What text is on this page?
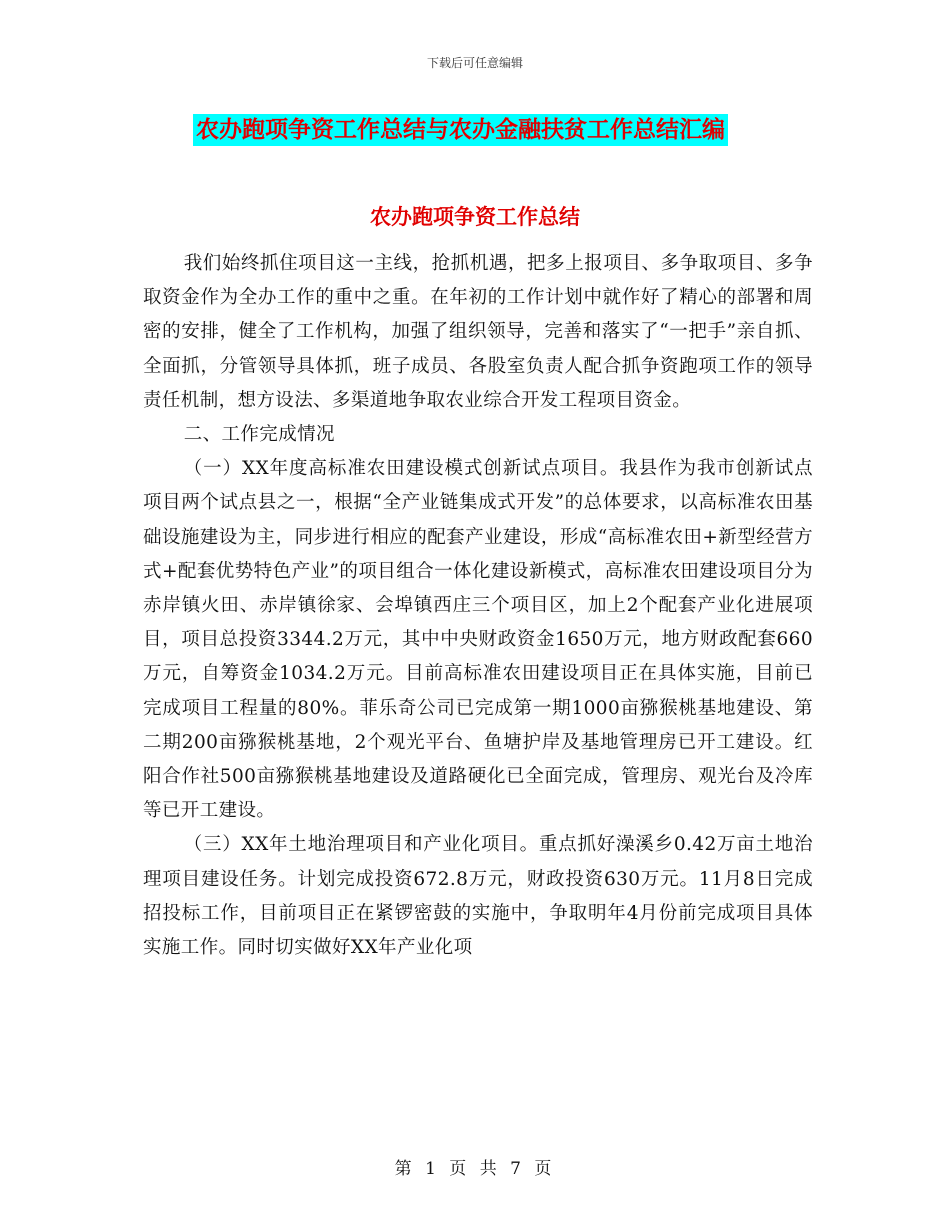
下载后可任意编辑
农办跑项争资工作总结与农办金融扶贫工作总结汇编
农办跑项争资工作总结

我们始终抓住项目这一主线，抢抓机遇，把多上报项目、多争取项目、多争取资金作为全办工作的重中之重。在年初的工作计划中就作好了精心的部署和周密的安排，健全了工作机构，加强了组织领导，完善和落实了“一把手”亲自抓、全面抓，分管领导具体抓，班子成员、各股室负责人配合抓争资跑项工作的领导责任机制，想方设法、多渠道地争取农业综合开发工程项目资金。

二、工作完成情况

（一）XX年度高标准农田建设模式创新试点项目。我县作为我市创新试点项目两个试点县之一，根据“全产业链集成式开发”的总体要求，以高标准农田基础设施建设为主，同步进行相应的配套产业建设，形成“高标准农田+新型经营方式+配套优势特色产业”的项目组合一体化建设新模式，高标准农田建设项目分为赤岸镇火田、赤岸镇徐家、会埠镇西庄三个项目区，加上2个配套产业化进展项目，项目总投资3344.2万元，其中中央财政资金1650万元，地方财政配套660万元，自筹资金1034.2万元。目前高标准农田建设项目正在具体实施，目前已完成项目工程量的80%。菲乐奇公司已完成第一期1000亩猕猴桃基地建设、第二期200亩猕猴桃基地，2个观光平台、鱼塘护岸及基地管理房已开工建设。红阳合作社500亩猕猴桃基地建设及道路硬化已全面完成，管理房、观光台及冷库等已开工建设。

（三）XX年土地治理项目和产业化项目。重点抓好澡溪乡0.42万亩土地治理项目建设任务。计划完成投资672.8万元，财政投资630万元。11月8日完成招投标工作，目前项目正在紧锣密鼓的实施中，争取明年4月份前完成项目具体实施工作。同时切实做好XX年产业化项

第 1 页 共 7 页
